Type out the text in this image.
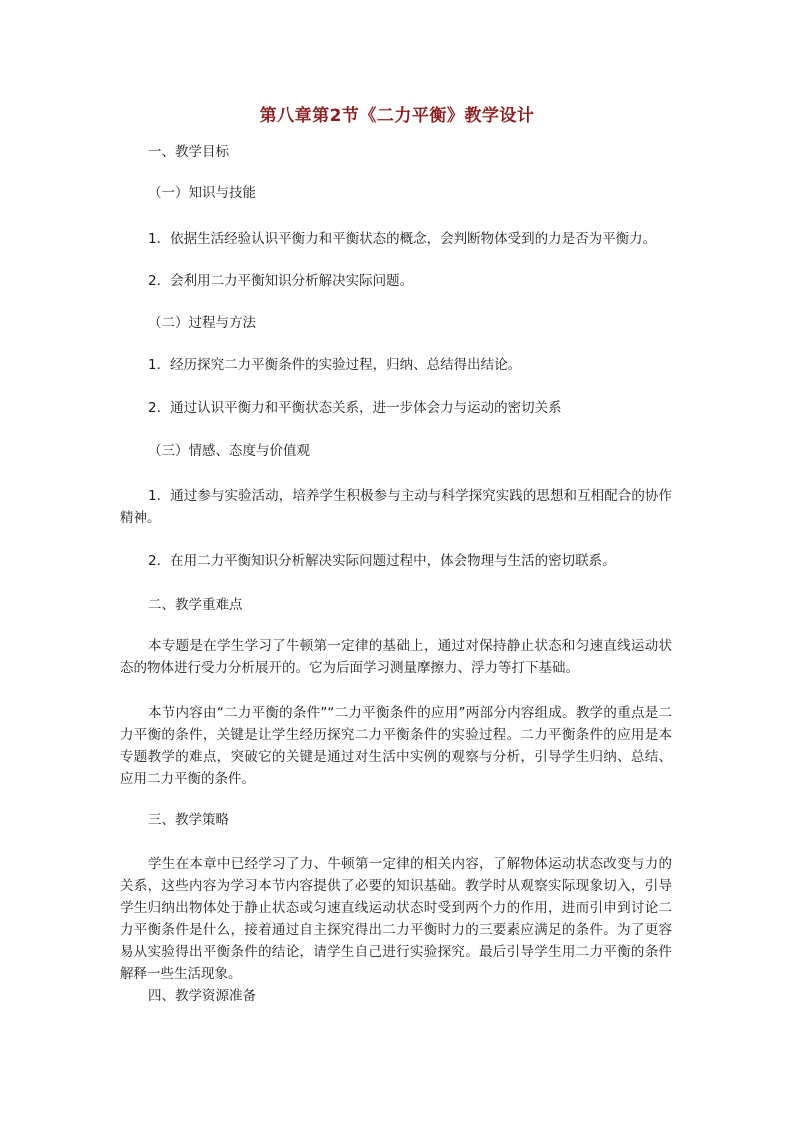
第八章第2节《二力平衡》教学设计
一、教学目标
（一）知识与技能
1．依据生活经验认识平衡力和平衡状态的概念，会判断物体受到的力是否为平衡力。
2．会利用二力平衡知识分析解决实际问题。
（二）过程与方法
1．经历探究二力平衡条件的实验过程，归纳、总结得出结论。
2．通过认识平衡力和平衡状态关系，进一步体会力与运动的密切关系
（三）情感、态度与价值观
1．通过参与实验活动，培养学生积极参与主动与科学探究实践的思想和互相配合的协作精神。
2．在用二力平衡知识分析解决实际问题过程中，体会物理与生活的密切联系。
二、教学重难点
本专题是在学生学习了牛顿第一定律的基础上，通过对保持静止状态和匀速直线运动状态的物体进行受力分析展开的。它为后面学习测量摩擦力、浮力等打下基础。
本节内容由“二力平衡的条件”“二力平衡条件的应用”两部分内容组成。教学的重点是二力平衡的条件，关键是让学生经历探究二力平衡条件的实验过程。二力平衡条件的应用是本专题教学的难点，突破它的关键是通过对生活中实例的观察与分析，引导学生归纳、总结、应用二力平衡的条件。
三、教学策略
学生在本章中已经学习了力、牛顿第一定律的相关内容，了解物体运动状态改变与力的关系，这些内容为学习本节内容提供了必要的知识基础。教学时从观察实际现象切入，引导学生归纳出物体处于静止状态或匀速直线运动状态时受到两个力的作用，进而引申到讨论二力平衡条件是什么，接着通过自主探究得出二力平衡时力的三要素应满足的条件。为了更容易从实验得出平衡条件的结论，请学生自己进行实验探究。最后引导学生用二力平衡的条件解释一些生活现象。
四、教学资源准备
